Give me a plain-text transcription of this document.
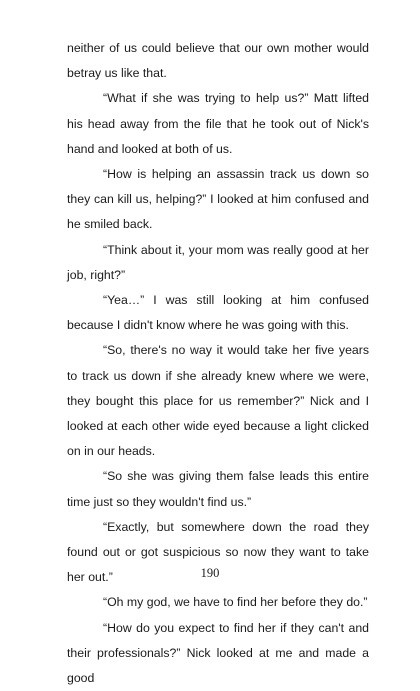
neither of us could believe that our own mother would betray us like that.

“What if she was trying to help us?” Matt lifted his head away from the file that he took out of Nick's hand and looked at both of us.

“How is helping an assassin track us down so they can kill us, helping?” I looked at him confused and he smiled back.

“Think about it, your mom was really good at her job, right?”

“Yea…” I was still looking at him confused because I didn't know where he was going with this.

“So, there's no way it would take her five years to track us down if she already knew where we were, they bought this place for us remember?” Nick and I looked at each other wide eyed because a light clicked on in our heads.

“So she was giving them false leads this entire time just so they wouldn't find us.”

“Exactly, but somewhere down the road they found out or got suspicious so now they want to take her out.”

“Oh my god, we have to find her before they do.”

“How do you expect to find her if they can't and their professionals?” Nick looked at me and made a good

190
